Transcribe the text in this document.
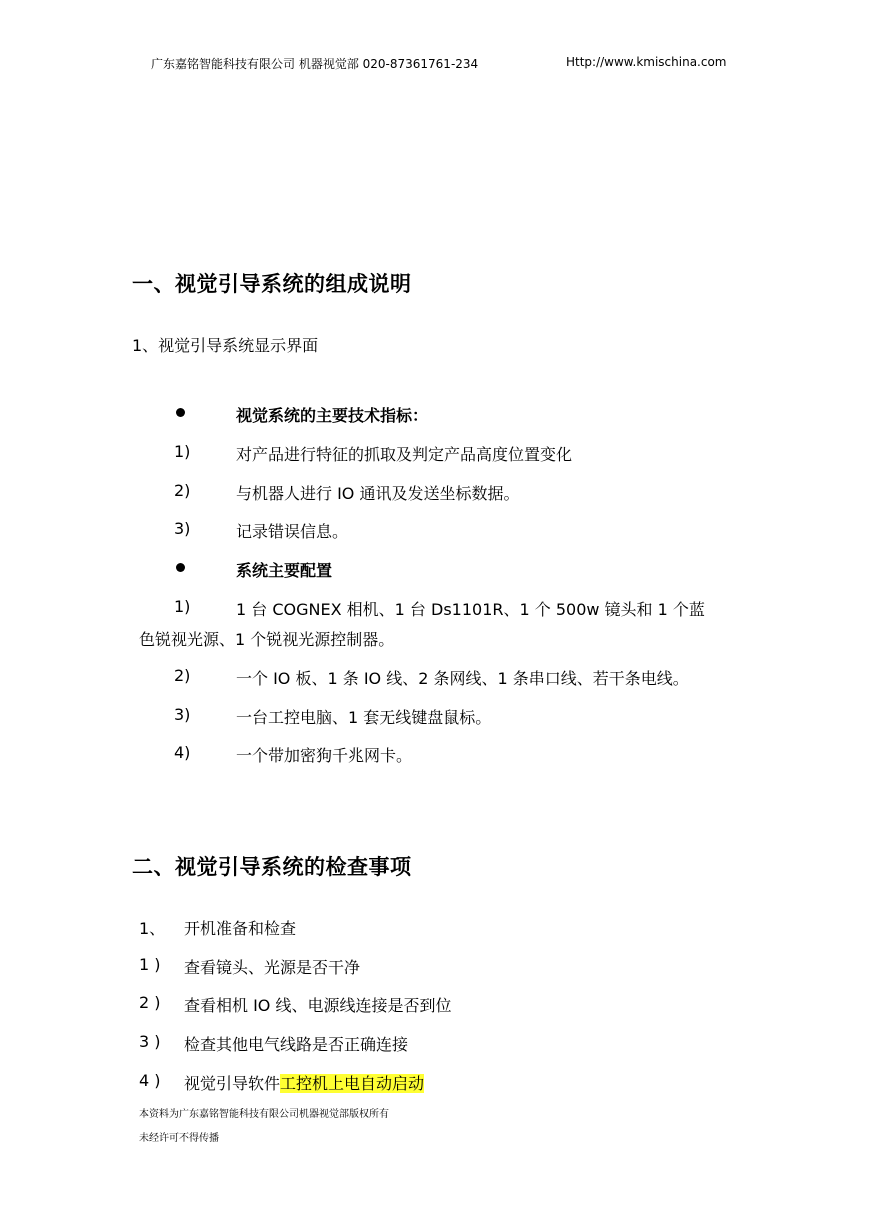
广东嘉铭智能科技有限公司 机器视觉部 020-87361761-234	Http://www.kmischina.com
一、视觉引导系统的组成说明
1、视觉引导系统显示界面
视觉系统的主要技术指标：
1)	对产品进行特征的抓取及判定产品高度位置变化
2)	与机器人进行 IO 通讯及发送坐标数据。
3)	记录错误信息。
系统主要配置
1)	1 台 COGNEX 相机、1 台 Ds1101R、1 个 500w 镜头和 1 个蓝
色锐视光源、1 个锐视光源控制器。
2)	一个 IO 板、1 条 IO 线、2 条网线、1 条串口线、若干条电线。
3)	一台工控电脑、1 套无线键盘鼠标。
4)	一个带加密狗千兆网卡。
二、视觉引导系统的检查事项
1、 开机准备和检查
1 ) 查看镜头、光源是否干净
2 ) 查看相机 IO 线、电源线连接是否到位
3 ) 检查其他电气线路是否正确连接
4 ) 视觉引导软件工控机上电自动启动
本资料为广东嘉铭智能科技有限公司机器视觉部版权所有
未经许可不得传播
